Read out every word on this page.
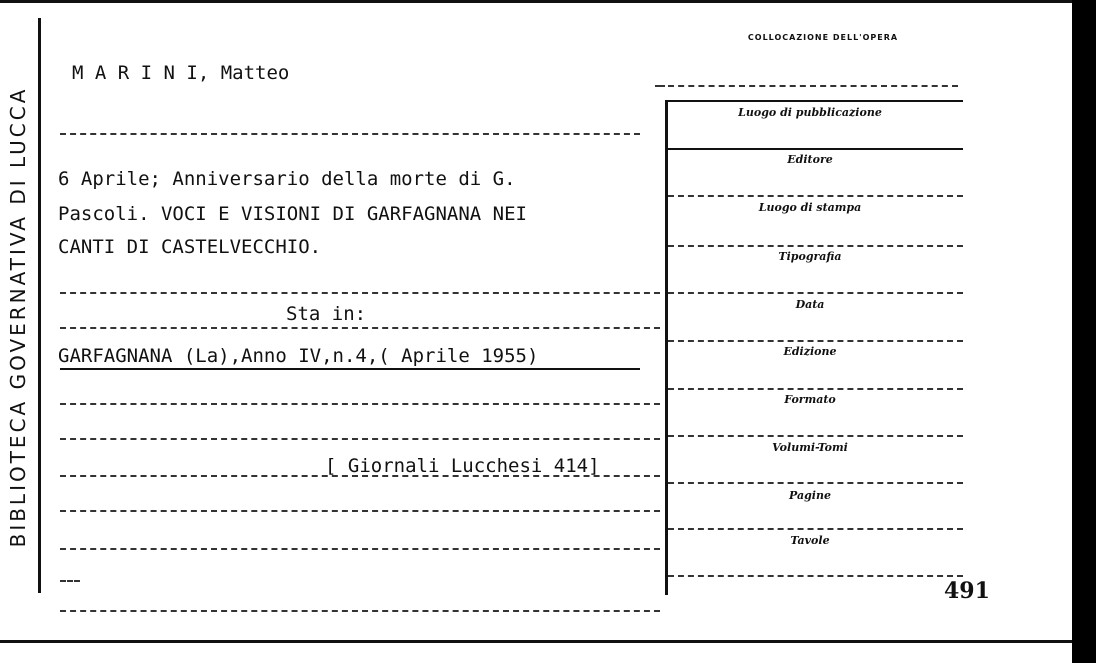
BIBLIOTECA GOVERNATIVA DI LUCCA
COLLOCAZIONE DELL'OPERA
M A R I N I, Matteo
6 Aprile; Anniversario della morte di G.
Pascoli. VOCI E VISIONI DI GARFAGNANA NEI
CANTI DI CASTELVECCHIO.
Sta in:
GARFAGNANA (La),Anno IV,n.4,( Aprile 1955)
[ Giornali Lucchesi 414]
Luogo di pubblicazione
Editore
Luogo di stampa
Tipografia
Data
Edizione
Formato
Volumi-Tomi
Pagine
Tavole
491
